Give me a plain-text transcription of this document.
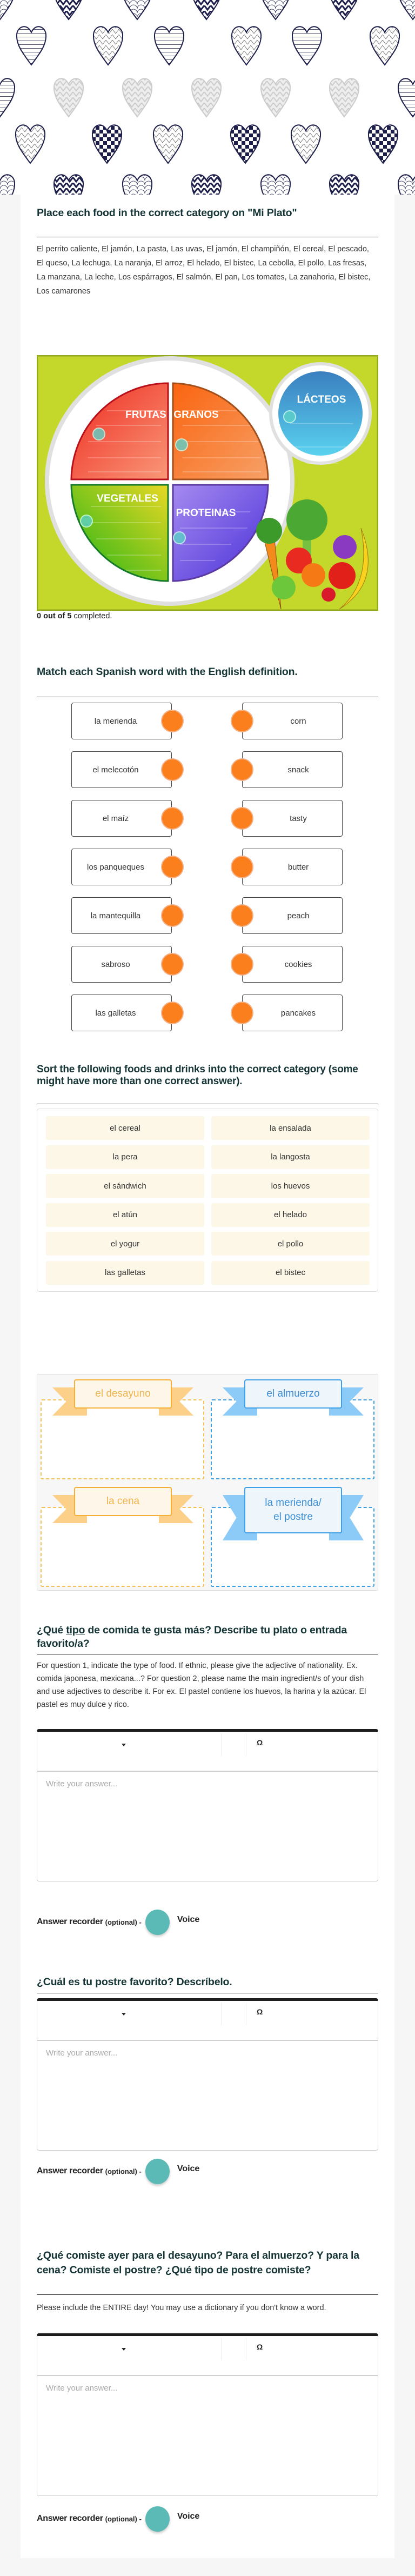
Place each food in the correct category on "Mi Plato"
El perrito caliente, El jamón, La pasta, Las uvas, El jamón, El champiñón, El cereal, El pescado, El queso, La lechuga, La naranja, El arroz, El helado, El bistec, La cebolla, El pollo, Las fresas, La manzana, La leche, Los espárragos, El salmón, El pan, Los tomates, La zanahoria, El bistec, Los camarones
FRUTAS GRANOS
VEGETALES
PROTEINAS
LÁCTEOS
0 out of 5 completed.
Match each Spanish word with the English definition.
la merienda	corn
el melecotón	snack
el maíz	tasty
los panqueques	butter
la mantequilla	peach
sabroso	cookies
las galletas	pancakes
Sort the following foods and drinks into the correct category (some might have more than one correct answer).
el cereal	la ensalada
la pera	la langosta
el sándwich	los huevos
el atún	el helado
el yogur	el pollo
las galletas	el bistec
el desayuno	el almuerzo
la cena	la merienda/ el postre
¿Qué tipo de comida te gusta más? Describe tu plato o entrada favorito/a?
For question 1, indicate the type of food. If ethnic, please give the adjective of nationality. Ex. comida japonesa, mexicana...? For question 2, please name the main ingredient/s of your dish and use adjectives to describe it. For ex. El pastel contiene los huevos, la harina y la azúcar. El pastel es muy dulce y rico.
Ω
Write your answer...
Answer recorder (optional) -	Voice
¿Cuál es tu postre favorito? Descríbelo.
Ω
Write your answer...
Answer recorder (optional) -	Voice
¿Qué comiste ayer para el desayuno? Para el almuerzo? Y para la cena? Comiste el postre? ¿Qué tipo de postre comiste?
Please include the ENTIRE day! You may use a dictionary if you don't know a word.
Ω
Write your answer...
Answer recorder (optional) -	Voice
